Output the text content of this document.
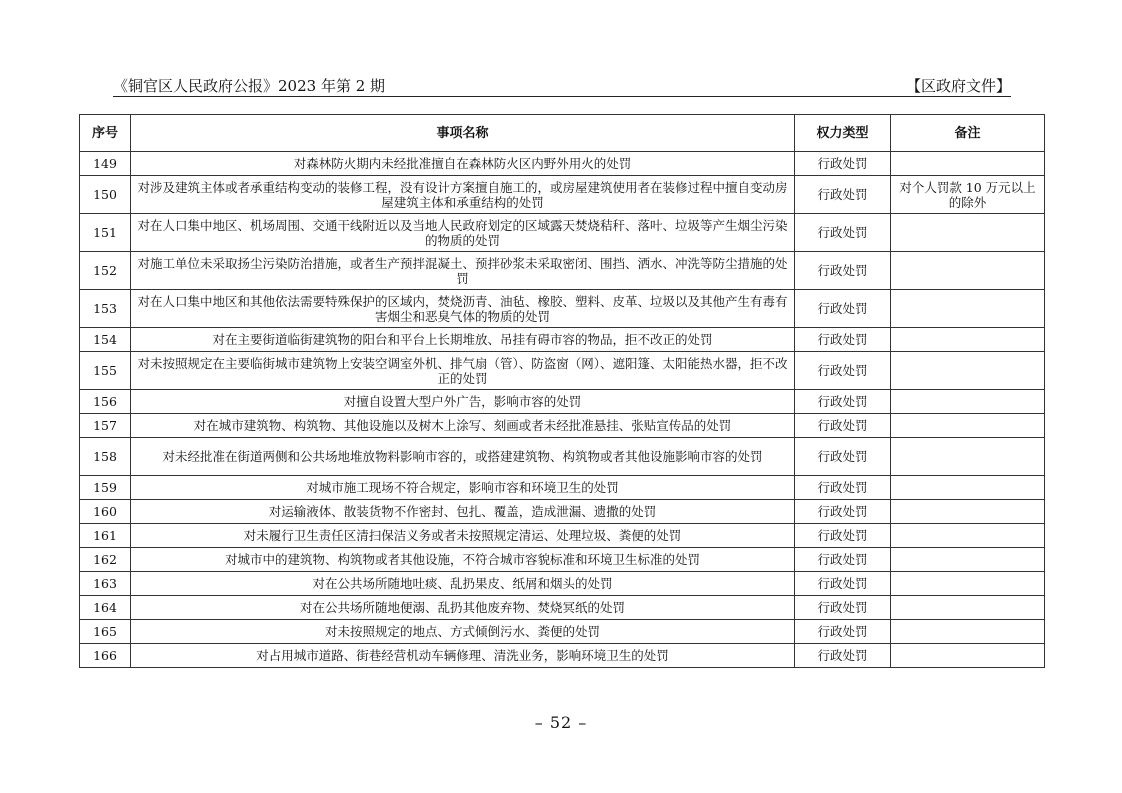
《铜官区人民政府公报》2023 年第 2 期	【区政府文件】
序号	事项名称	权力类型	备注
149	对森林防火期内未经批准擅自在森林防火区内野外用火的处罚	行政处罚	
150	对涉及建筑主体或者承重结构变动的装修工程，没有设计方案擅自施工的，或房屋建筑使用者在装修过程中擅自变动房屋建筑主体和承重结构的处罚	行政处罚	对个人罚款 10 万元以上的除外
151	对在人口集中地区、机场周围、交通干线附近以及当地人民政府划定的区域露天焚烧秸秆、落叶、垃圾等产生烟尘污染的物质的处罚	行政处罚	
152	对施工单位未采取扬尘污染防治措施，或者生产预拌混凝土、预拌砂浆未采取密闭、围挡、洒水、冲洗等防尘措施的处罚	行政处罚	
153	对在人口集中地区和其他依法需要特殊保护的区域内，焚烧沥青、油毡、橡胶、塑料、皮革、垃圾以及其他产生有毒有害烟尘和恶臭气体的物质的处罚	行政处罚	
154	对在主要街道临街建筑物的阳台和平台上长期堆放、吊挂有碍市容的物品，拒不改正的处罚	行政处罚	
155	对未按照规定在主要临街城市建筑物上安装空调室外机、排气扇（管）、防盗窗（网）、遮阳篷、太阳能热水器，拒不改正的处罚	行政处罚	
156	对擅自设置大型户外广告，影响市容的处罚	行政处罚	
157	对在城市建筑物、构筑物、其他设施以及树木上涂写、刻画或者未经批准悬挂、张贴宣传品的处罚	行政处罚	
158	对未经批准在街道两侧和公共场地堆放物料影响市容的，或搭建建筑物、构筑物或者其他设施影响市容的处罚	行政处罚	
159	对城市施工现场不符合规定，影响市容和环境卫生的处罚	行政处罚	
160	对运输液体、散装货物不作密封、包扎、覆盖，造成泄漏、遗撒的处罚	行政处罚	
161	对未履行卫生责任区清扫保洁义务或者未按照规定清运、处理垃圾、粪便的处罚	行政处罚	
162	对城市中的建筑物、构筑物或者其他设施，不符合城市容貌标准和环境卫生标准的处罚	行政处罚	
163	对在公共场所随地吐痰、乱扔果皮、纸屑和烟头的处罚	行政处罚	
164	对在公共场所随地便溺、乱扔其他废弃物、焚烧冥纸的处罚	行政处罚	
165	对未按照规定的地点、方式倾倒污水、粪便的处罚	行政处罚	
166	对占用城市道路、街巷经营机动车辆修理、清洗业务，影响环境卫生的处罚	行政处罚	
– 52 –
